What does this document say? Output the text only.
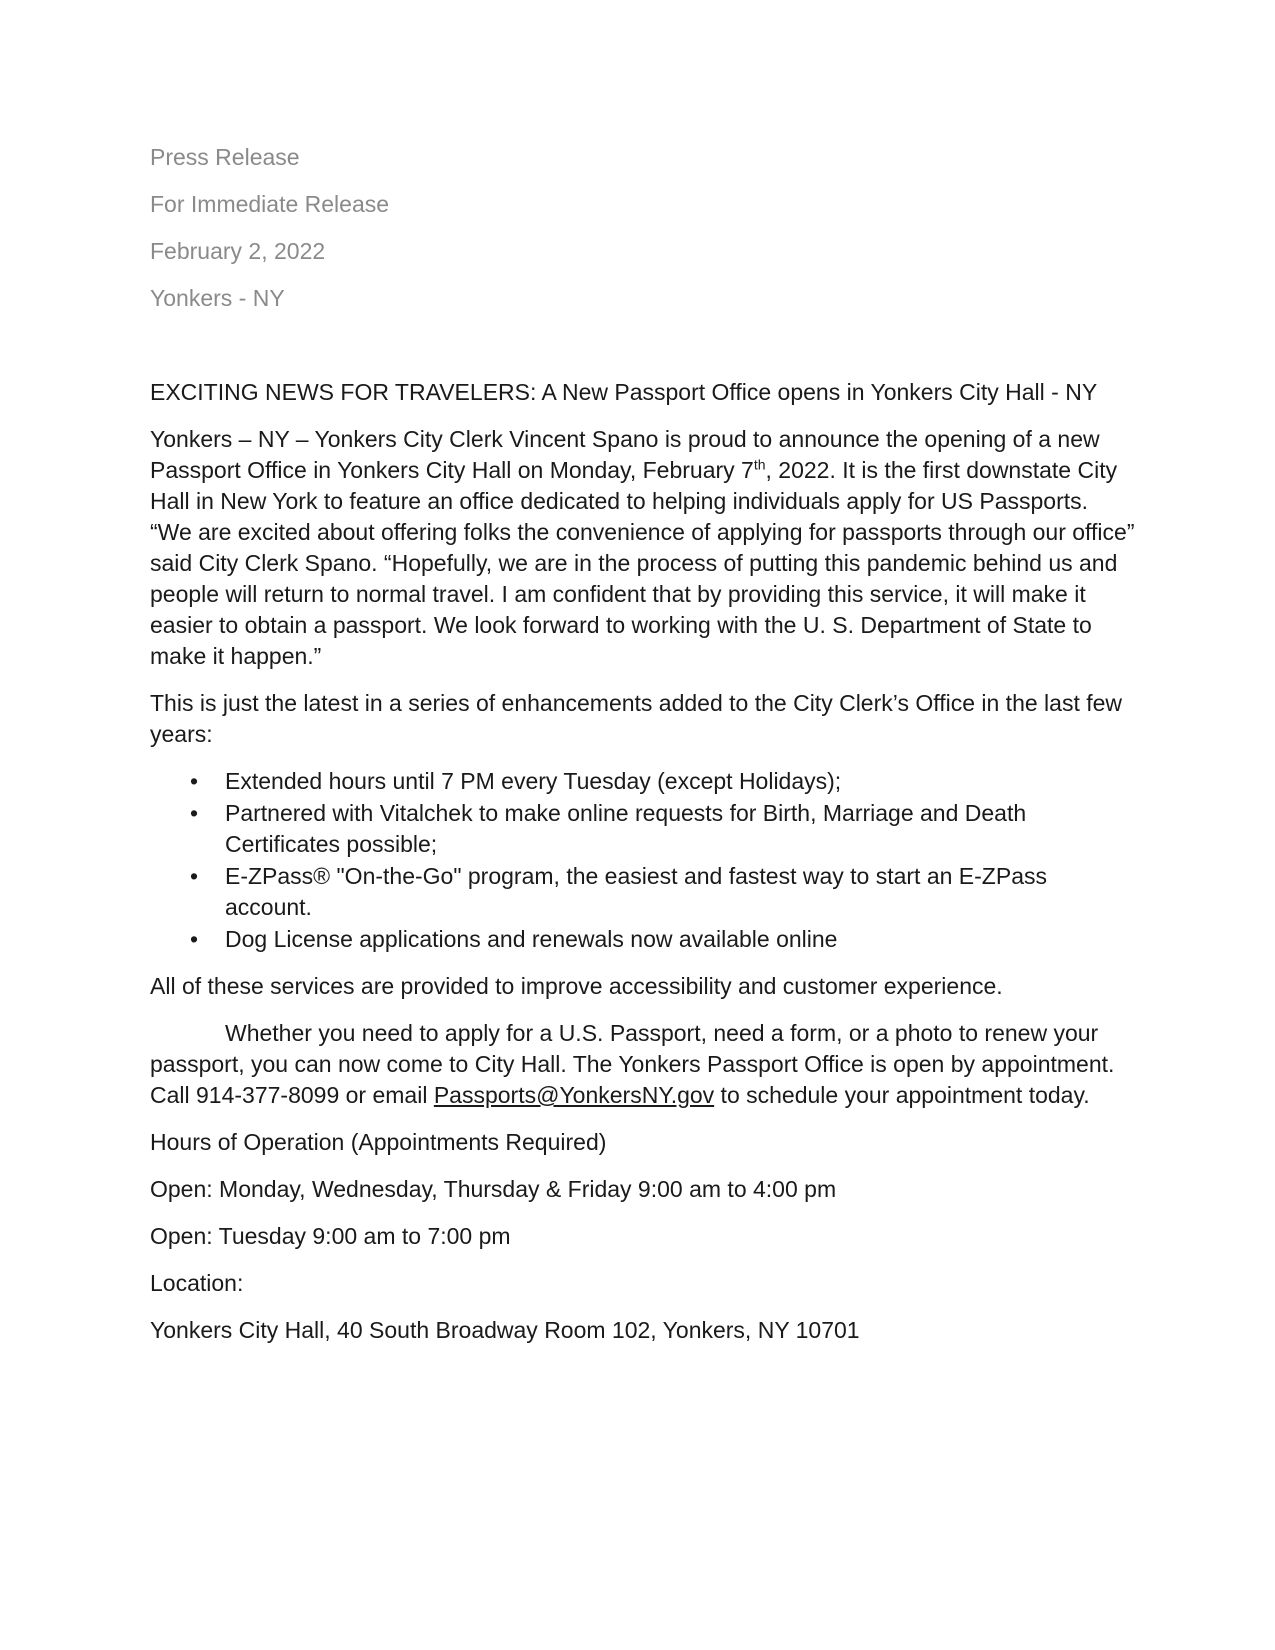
Press Release

For Immediate Release

February 2, 2022

Yonkers - NY

EXCITING NEWS FOR TRAVELERS: A New Passport Office opens in Yonkers City Hall - NY

Yonkers – NY – Yonkers City Clerk Vincent Spano is proud to announce the opening of a new Passport Office in Yonkers City Hall on Monday, February 7th, 2022. It is the first downstate City Hall in New York to feature an office dedicated to helping individuals apply for US Passports. “We are excited about offering folks the convenience of applying for passports through our office” said City Clerk Spano. “Hopefully, we are in the process of putting this pandemic behind us and people will return to normal travel. I am confident that by providing this service, it will make it easier to obtain a passport. We look forward to working with the U. S. Department of State to make it happen.”

This is just the latest in a series of enhancements added to the City Clerk’s Office in the last few years:

• Extended hours until 7 PM every Tuesday (except Holidays);
• Partnered with Vitalchek to make online requests for Birth, Marriage and Death Certificates possible;
• E-ZPass® "On-the-Go" program, the easiest and fastest way to start an E-ZPass account.
• Dog License applications and renewals now available online

All of these services are provided to improve accessibility and customer experience.

Whether you need to apply for a U.S. Passport, need a form, or a photo to renew your passport, you can now come to City Hall. The Yonkers Passport Office is open by appointment. Call 914-377-8099 or email Passports@YonkersNY.gov to schedule your appointment today.

Hours of Operation (Appointments Required)

Open: Monday, Wednesday, Thursday & Friday 9:00 am to 4:00 pm

Open: Tuesday 9:00 am to 7:00 pm

Location:

Yonkers City Hall, 40 South Broadway Room 102, Yonkers, NY 10701
